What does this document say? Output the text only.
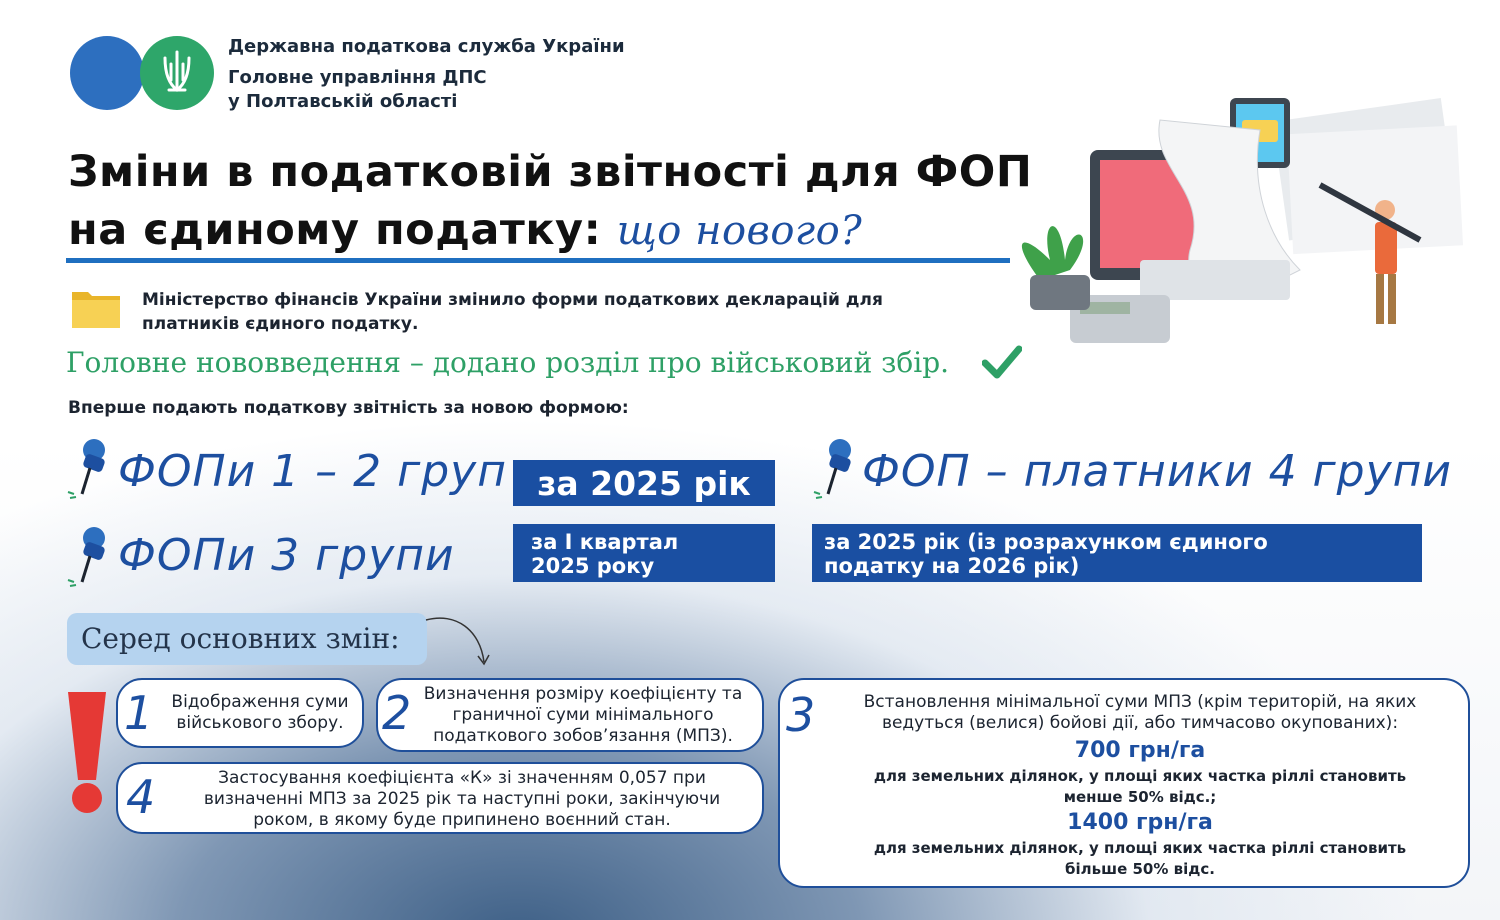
Державна податкова служба України
Головне управління ДПС
у Полтавській області
Зміни в податковій звітності для ФОП
на єдиному податку: що нового?
Міністерство фінансів України змінило форми податкових декларацій для
платників єдиного податку.
Головне нововведення – додано розділ про військовий збір.
Вперше подають податкову звітність за новою формою:
ФОПи 1 – 2 груп за 2025 рік
ФОПи 3 групи	за I квартал
2025 року
ФОП – платники 4 групи
за 2025 рік (із розрахунком єдиного
податку на 2026 рік)
Серед основних змін:
1	Відображення суми
військового збору. 2 Визначення розміру коефіцієнту та
граничної суми мінімального
податкового зобов’язання (МПЗ).
4	Застосування коефіцієнта «К» зі значенням 0,057 при
визначенні МПЗ за 2025 рік та наступні роки, закінчуючи
роком, в якому буде припинено воєнний стан.
3	Встановлення мінімальної суми МПЗ (крім територій, на яких
ведуться (велися) бойові дії, або тимчасово окупованих):
700 грн/га
для земельних ділянок, у площі яких частка ріллі становить
менше 50% відс.;
1400 грн/га
для земельних ділянок, у площі яких частка ріллі становить
більше 50% відс.
